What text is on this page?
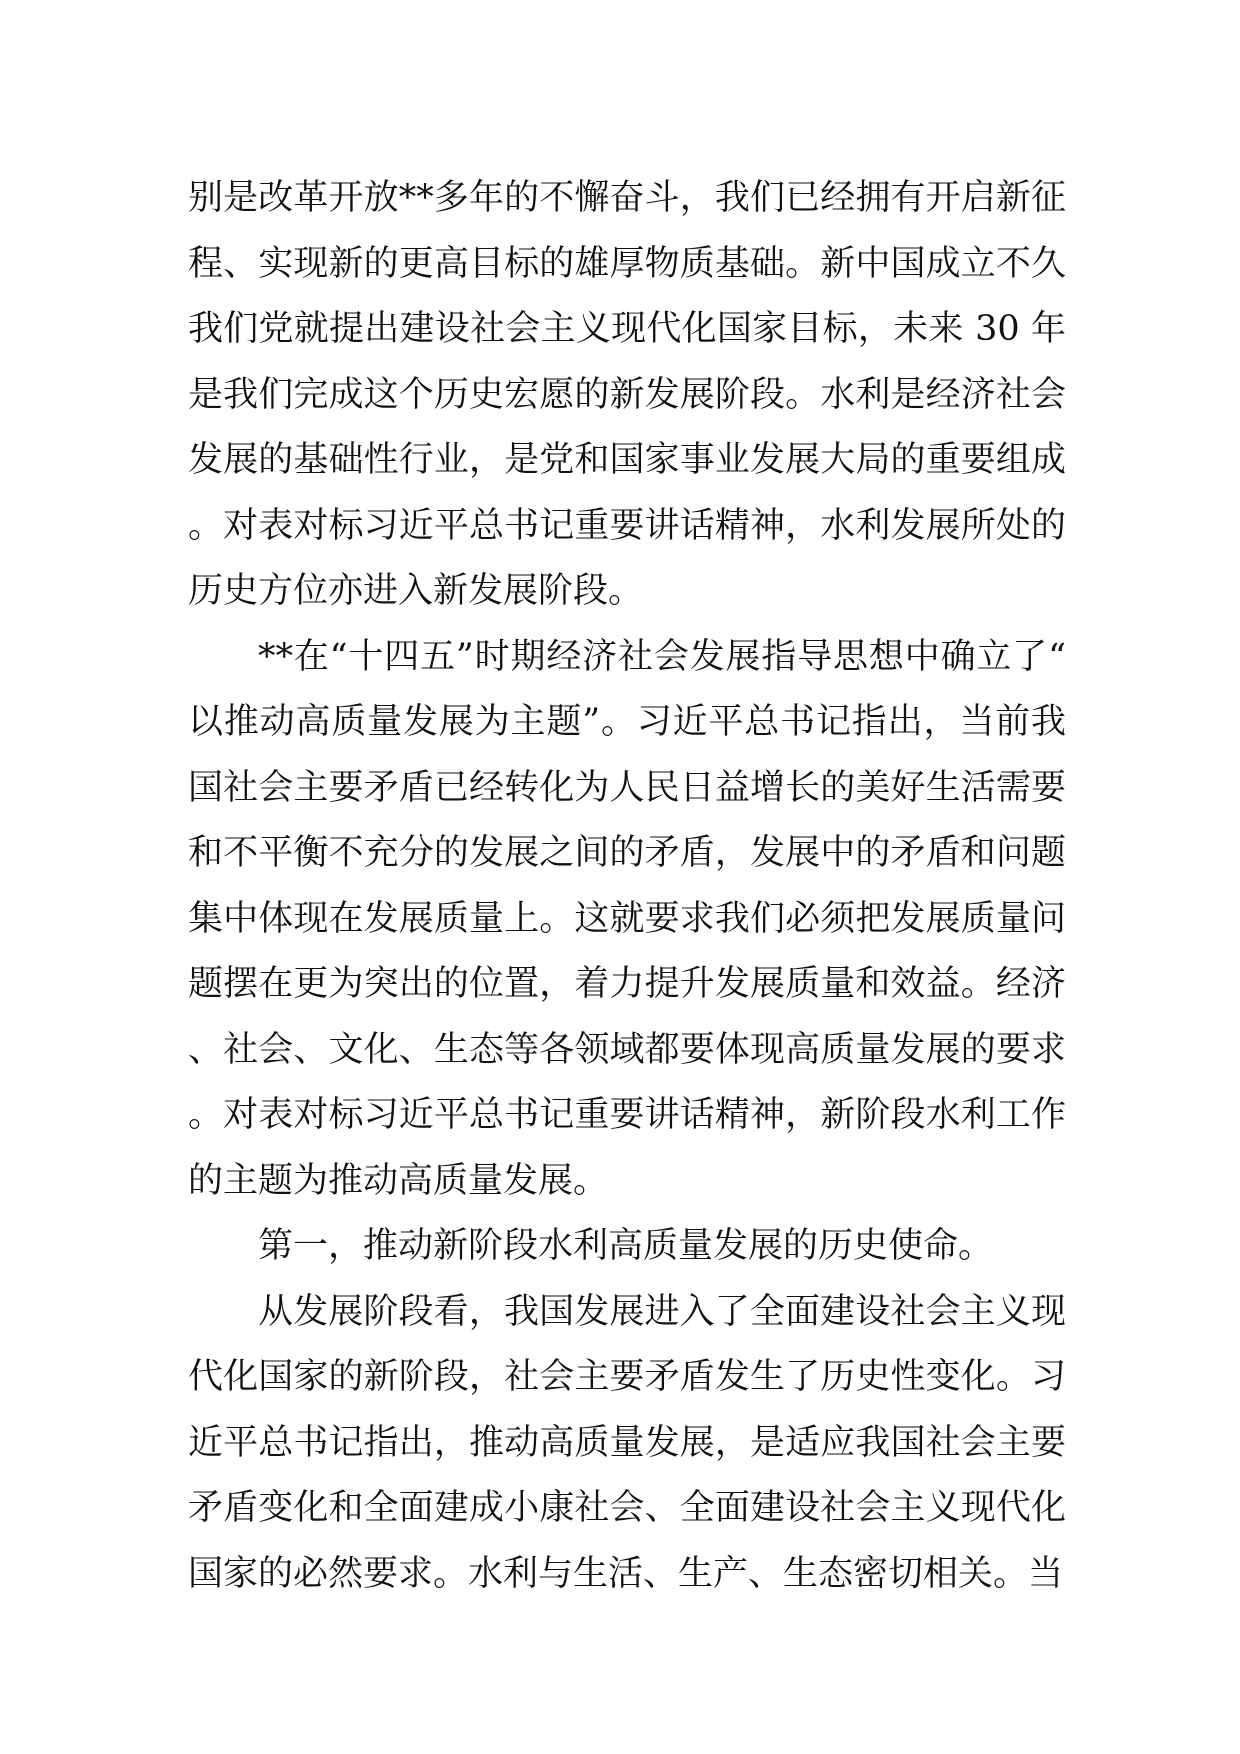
别是改革开放**多年的不懈奋斗，我们已经拥有开启新征程、实现新的更高目标的雄厚物质基础。新中国成立不久我们党就提出建设社会主义现代化国家目标，未来 30 年是我们完成这个历史宏愿的新发展阶段。水利是经济社会发展的基础性行业，是党和国家事业发展大局的重要组成。对表对标习近平总书记重要讲话精神，水利发展所处的历史方位亦进入新发展阶段。

**在“十四五”时期经济社会发展指导思想中确立了“以推动高质量发展为主题”。习近平总书记指出，当前我国社会主要矛盾已经转化为人民日益增长的美好生活需要和不平衡不充分的发展之间的矛盾，发展中的矛盾和问题集中体现在发展质量上。这就要求我们必须把发展质量问题摆在更为突出的位置，着力提升发展质量和效益。经济、社会、文化、生态等各领域都要体现高质量发展的要求。对表对标习近平总书记重要讲话精神，新阶段水利工作的主题为推动高质量发展。

第一，推动新阶段水利高质量发展的历史使命。

从发展阶段看，我国发展进入了全面建设社会主义现代化国家的新阶段，社会主要矛盾发生了历史性变化。习近平总书记指出，推动高质量发展，是适应我国社会主要矛盾变化和全面建成小康社会、全面建设社会主义现代化国家的必然要求。水利与生活、生产、生态密切相关。当
